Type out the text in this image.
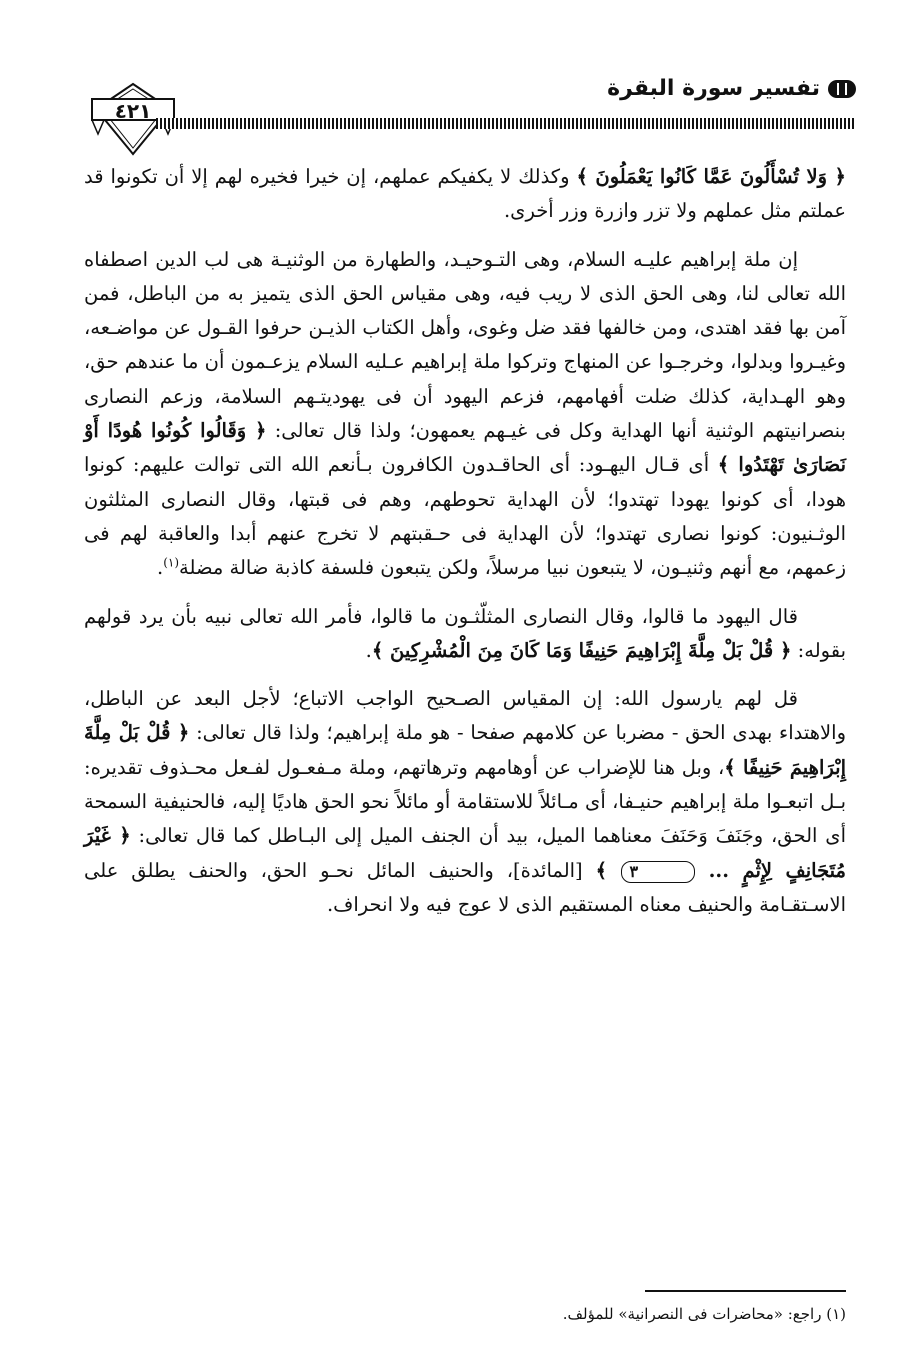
٤٢١
تفسير سورة البقرة

﴿ وَلا تُسْأَلُونَ عَمَّا كَانُوا يَعْمَلُونَ ﴾ وكذلك لا يكفيكم عملهم، إن خيرا فخيره لهم إلا أن تكونوا قد عملتم مثل عملهم ولا تزر وازرة وزر أخرى.

إن ملة إبراهيم عليـه السلام، وهى التـوحيـد، والطهارة من الوثنيـة هى لب الدين اصطفاه الله تعالى لنا، وهى الحق الذى لا ريب فيه، وهى مقياس الحق الذى يتميز به من الباطل، فمن آمن بها فقد اهتدى، ومن خالفها فقد ضل وغوى، وأهل الكتاب الذيـن حرفوا القـول عن مواضـعه، وغيـروا وبدلوا، وخرجـوا عن المنهاج وتركوا ملة إبراهيم عـليه السلام يزعـمون أن ما عندهم حق، وهو الهـداية، كذلك ضلت أفهامهم، فزعم اليهود أن فى يهوديتـهم السلامة، وزعم النصارى بنصرانيتهم الوثنية أنها الهداية وكل فى غيـهم يعمهون؛ ولذا قال تعالى: ﴿ وَقَالُوا كُونُوا هُودًا أَوْ نَصَارَىٰ تَهْتَدُوا ﴾ أى قـال اليهـود: أى الحاقـدون الكافرون بـأنعم الله التى توالت عليهم: كونوا هودا، أى كونوا يهودا تهتدوا؛ لأن الهداية تحوطهم، وهم فى قبتها، وقال النصارى المثلثون الوثـنيون: كونوا نصارى تهتدوا؛ لأن الهداية فى حـقبتهم لا تخرج عنهم أبدا والعاقبة لهم فى زعمهم، مع أنهم وثنيـون، لا يتبعون نبيا مرسلاً، ولكن يتبعون فلسفة كاذبة ضالة مضلة$^{(١)}$.

قال اليهود ما قالوا، وقال النصارى المثلّثـون ما قالوا، فأمر الله تعالى نبيه بأن يرد قولهم بقوله: ﴿ قُلْ بَلْ مِلَّةَ إِبْرَاهِيمَ حَنِيفًا وَمَا كَانَ مِنَ الْمُشْرِكِينَ ﴾.

قل لهم يارسول الله: إن المقياس الصـحيح الواجب الاتباع؛ لأجل البعد عن الباطل، والاهتداء بهدى الحق - مضربا عن كلامهم صفحا - هو ملة إبراهيم؛ ولذا قال تعالى: ﴿ قُلْ بَلْ مِلَّةَ إِبْرَاهِيمَ حَنِيفًا ﴾، وبل هنا للإضراب عن أوهامهم وترهاتهم، وملة مـفعـول لفـعل محـذوف تقديره: بـل اتبعـوا ملة إبراهيم حنيـفا، أى مـائلاً للاستقامة أو مائلاً نحو الحق هاديًا إليه، فالحنيفية السمحة أى الحق، وجَنَفَ وَحَنَفَ معناهما الميل، بيد أن الجنف الميل إلى البـاطل كما قال تعالى: ﴿ غَيْرَ مُتَجَانِفٍ لِإِثْمٍ ... ٣ ﴾ [المائدة]، والحنيف المائل نحـو الحق، والحنف يطلق على الاسـتقـامة والحنيف معناه المستقيم الذى لا عوج فيه ولا انحراف.

(١) راجع: «محاضرات فى النصرانية» للمؤلف.
